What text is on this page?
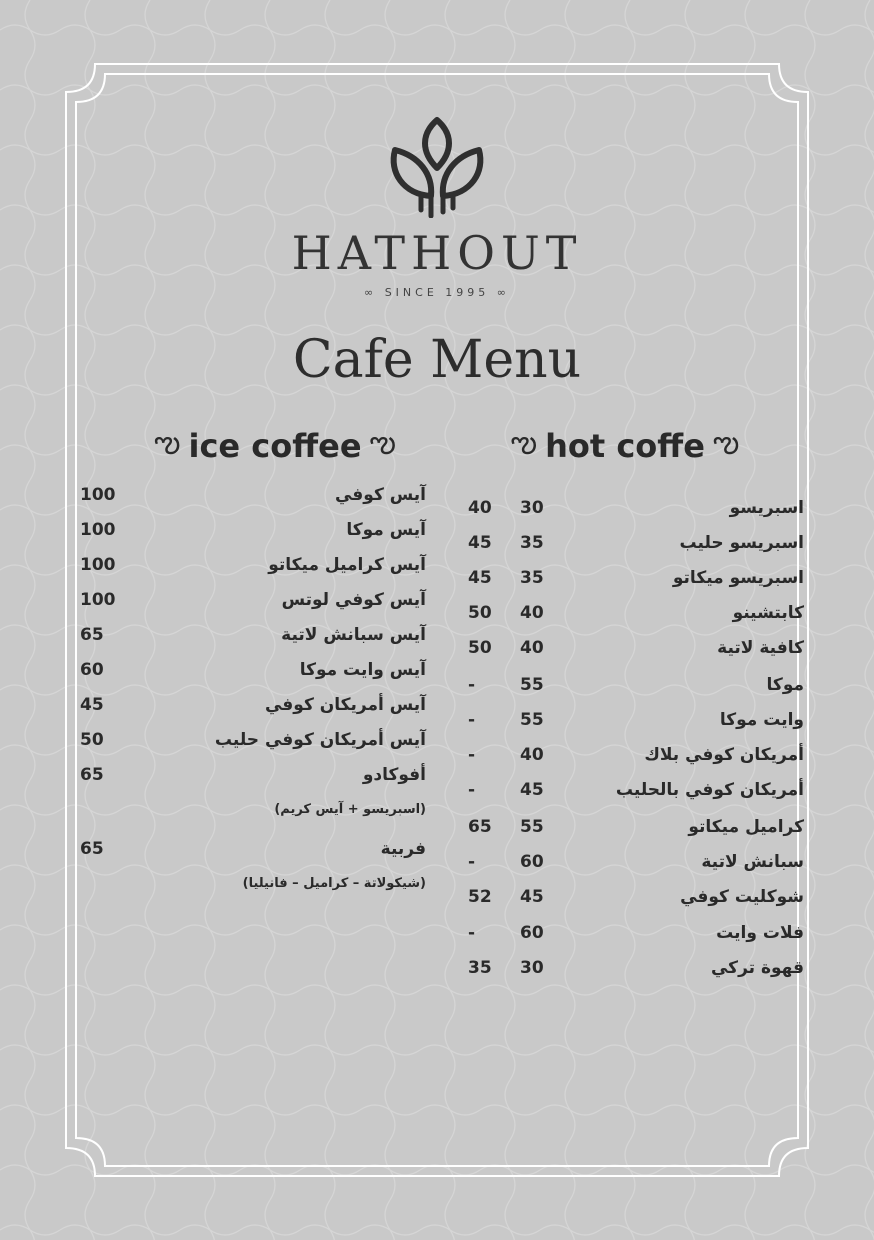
HATHOUT
∞ SINCE 1995 ∞
Cafe Menu
ఌ ice coffee ఌ	ఌ hot coffe ఌ
100	آيس كوفي
100	آيس موكا
100	آيس كراميل ميكاتو
100	آيس كوفي لوتس
65	آيس سبانش لاتية
60	آيس وايت موكا
45	آيس أمريكان كوفي
50	آيس أمريكان كوفي حليب
65	أفوكادو
(اسبريسو + آيس كريم)
65	فربية
(شيكولاتة – كراميل – فانيليا)
40	30	اسبريسو
45	35	اسبريسو حليب
45	35	اسبريسو ميكاتو
50	40	كابتشينو
50	40	كافية لاتية
-	55	موكا
-	55	وايت موكا
-	40	أمريكان كوفي بلاك
-	45	أمريكان كوفي بالحليب
65	55	كراميل ميكاتو
-	60	سبانش لاتية
52	45	شوكليت كوفي
-	60	فلات وايت
35	30	قهوة تركي
